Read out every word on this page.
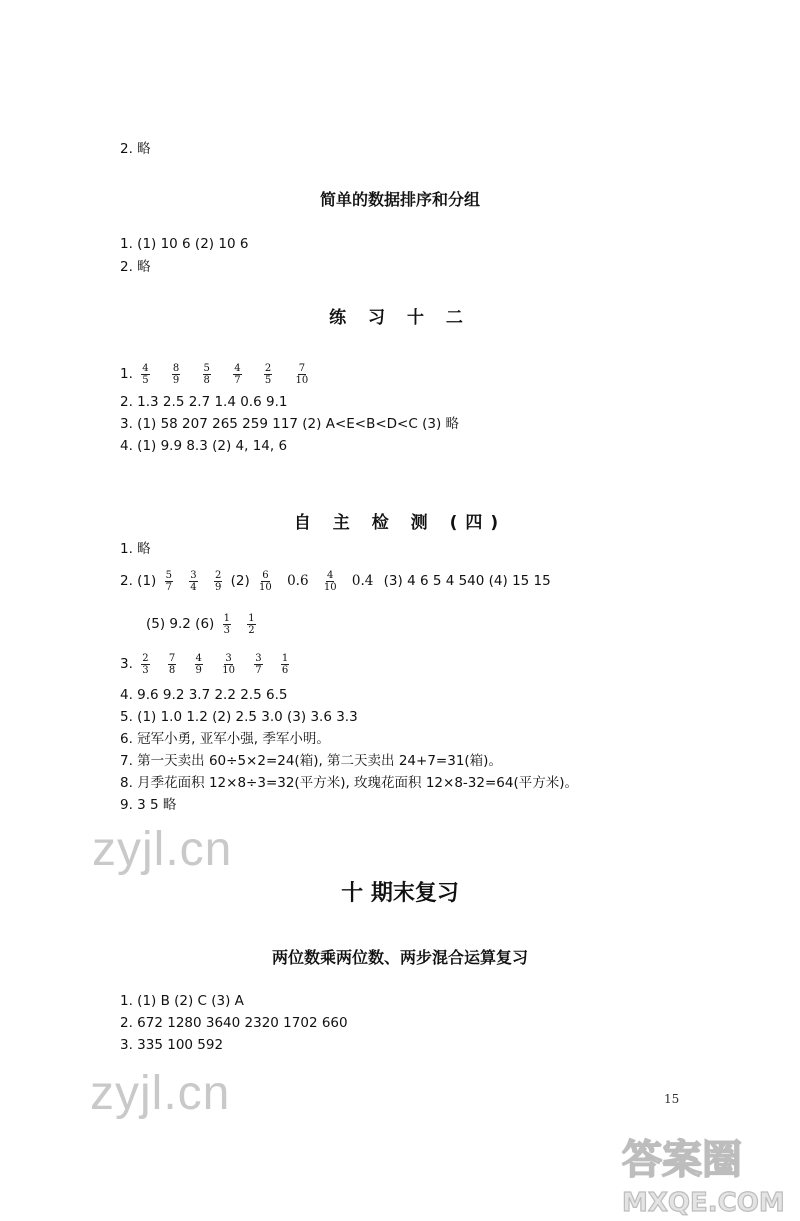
2. 略
简单的数据排序和分组
1. (1) 10 6 (2) 10 6
2. 略
练 习 十 二
1. $\frac{4}{5}$
$\frac{8}{9}$
$\frac{5}{8}$
$\frac{4}{7}$
$\frac{2}{5}$
$\frac{7}{10}$
2. 1.3 2.5 2.7 1.4 0.6 9.1
3. (1) 58 207 265 259 117 (2) A<E<B<D<C (3) 略
4. (1) 9.9 8.3 (2) 4, 14, 6
自 主 检 测 (四)
1. 略
2. $(1) \frac{5}{7}$
$\frac{3}{4}$
$\frac{2}{9} (2) \frac{6}{10} 0.6 \frac{4}{10} 0.4$ (3) 4 6 5 4 540 (4) 15 15
(5) 9.2 $(6) \frac{1}{3}$
$\frac{1}{2}$
3. $\frac{2}{3}$
$\frac{7}{8}$
$\frac{4}{9}$
$\frac{3}{10}$
$\frac{3}{7}$
$\frac{1}{6}$
4. 9.6 9.2 3.7 2.2 2.5 6.5
5. (1) 1.0 1.2 (2) 2.5 3.0 (3) 3.6 3.3
6. 冠军小勇, 亚军小强, 季军小明。
7. 第一天卖出 60÷5×2=24(箱), 第二天卖出 24+7=31(箱)。
8. 月季花面积 12×8÷3=32(平方米), 玫瑰花面积 12×8-32=64(平方米)。
9. 3 5 略
zyjl.cn
十 期末复习
两位数乘两位数、两步混合运算复习
1. (1) B (2) C (3) A
2. 672 1280 3640 2320 1702 660
3. 335 100 592
zyjl.cn	15
答案圈
MXQE.COM
